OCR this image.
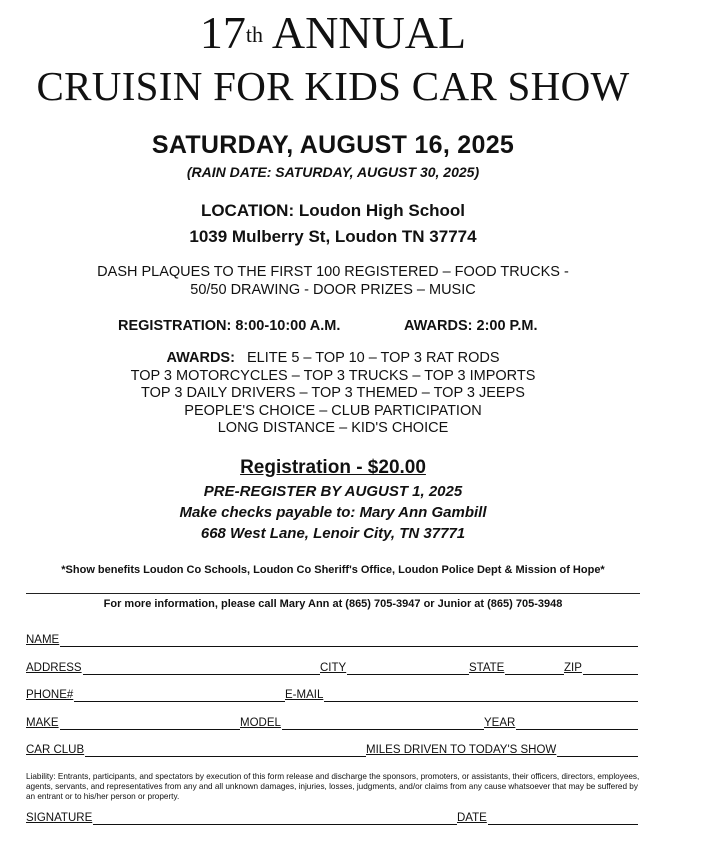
17th ANNUAL
CRUISIN FOR KIDS CAR SHOW
SATURDAY, AUGUST 16, 2025
(RAIN DATE: SATURDAY, AUGUST 30, 2025)
LOCATION: Loudon High School
1039 Mulberry St, Loudon TN 37774
DASH PLAQUES TO THE FIRST 100 REGISTERED – FOOD TRUCKS -
50/50 DRAWING - DOOR PRIZES – MUSIC
REGISTRATION: 8:00-10:00 A.M.	AWARDS: 2:00 P.M.
AWARDS: ELITE 5 – TOP 10 – TOP 3 RAT RODS
TOP 3 MOTORCYCLES – TOP 3 TRUCKS – TOP 3 IMPORTS
TOP 3 DAILY DRIVERS – TOP 3 THEMED – TOP 3 JEEPS
PEOPLE'S CHOICE – CLUB PARTICIPATION
LONG DISTANCE – KID'S CHOICE
Registration - $20.00
PRE-REGISTER BY AUGUST 1, 2025
Make checks payable to: Mary Ann Gambill
668 West Lane, Lenoir City, TN 37771
*Show benefits Loudon Co Schools, Loudon Co Sheriff's Office, Loudon Police Dept & Mission of Hope*
For more information, please call Mary Ann at (865) 705-3947 or Junior at (865) 705-3948
NAME
ADDRESS	CITY	STATE	ZIP
PHONE#	E-MAIL
MAKE	MODEL	YEAR
CAR CLUB	MILES DRIVEN TO TODAY'S SHOW
Liability: Entrants, participants, and spectators by execution of this form release and discharge the sponsors, promoters, or assistants, their officers, directors, employees, agents, servants, and representatives from any and all unknown damages, injuries, losses, judgments, and/or claims from any cause whatsoever that may be suffered by an entrant or to his/her person or property.
SIGNATURE	DATE
